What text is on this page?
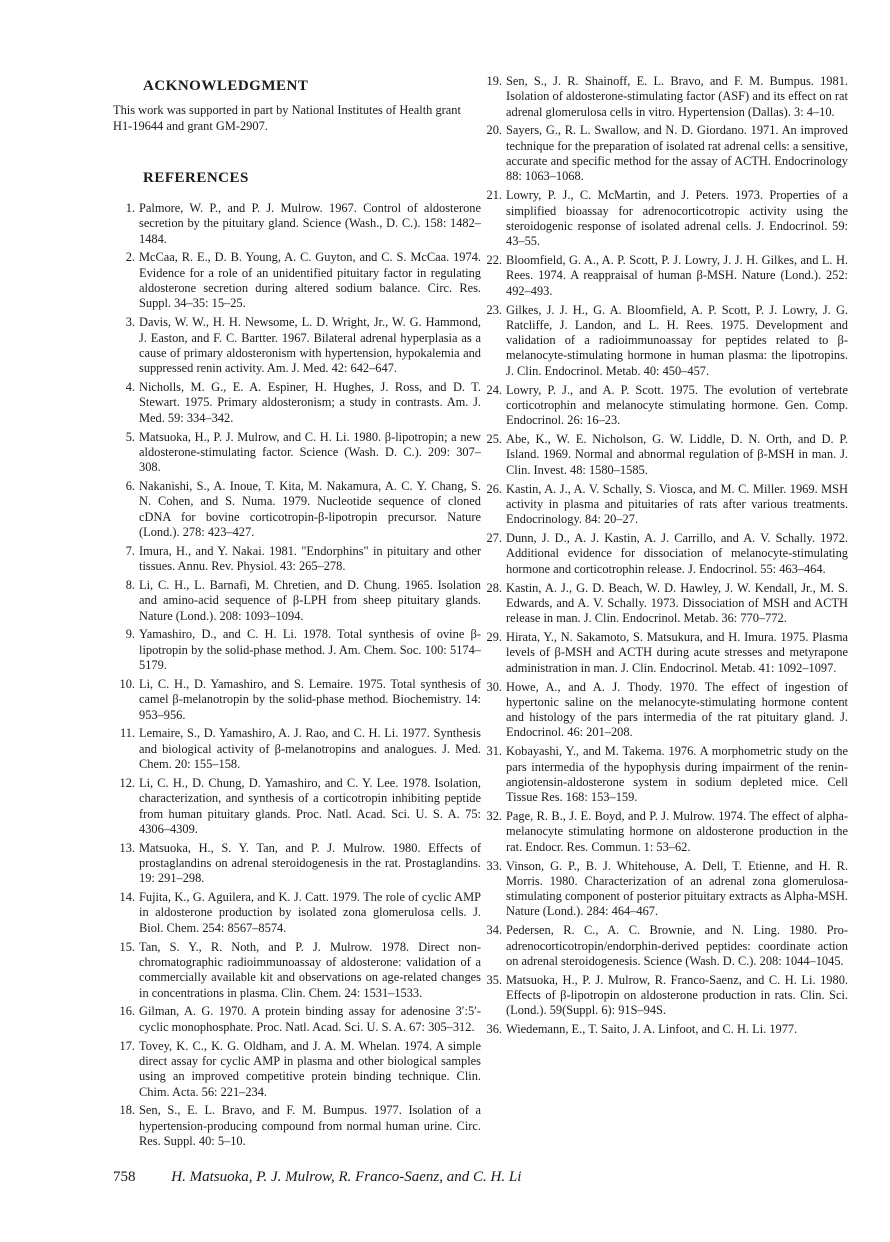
ACKNOWLEDGMENT

This work was supported in part by National Institutes of Health grant H1-19644 and grant GM-2907.

REFERENCES
1. Palmore, W. P., and P. J. Mulrow. 1967. Control of aldosterone secretion by the pituitary gland. Science (Wash., D. C.). 158: 1482–1484.
2. McCaa, R. E., D. B. Young, A. C. Guyton, and C. S. McCaa. 1974. Evidence for a role of an unidentified pituitary factor in regulating aldosterone secretion during altered sodium balance. Circ. Res. Suppl. 34–35: 15–25.
3. Davis, W. W., H. H. Newsome, L. D. Wright, Jr., W. G. Hammond, J. Easton, and F. C. Bartter. 1967. Bilateral adrenal hyperplasia as a cause of primary aldosteronism with hypertension, hypokalemia and suppressed renin activity. Am. J. Med. 42: 642–647.
4. Nicholls, M. G., E. A. Espiner, H. Hughes, J. Ross, and D. T. Stewart. 1975. Primary aldosteronism; a study in contrasts. Am. J. Med. 59: 334–342.
5. Matsuoka, H., P. J. Mulrow, and C. H. Li. 1980. β-lipotropin; a new aldosterone-stimulating factor. Science (Wash. D. C.). 209: 307–308.
6. Nakanishi, S., A. Inoue, T. Kita, M. Nakamura, A. C. Y. Chang, S. N. Cohen, and S. Numa. 1979. Nucleotide sequence of cloned cDNA for bovine corticotropin-β-lipotropin precursor. Nature (Lond.). 278: 423–427.
7. Imura, H., and Y. Nakai. 1981. "Endorphins" in pituitary and other tissues. Annu. Rev. Physiol. 43: 265–278.
8. Li, C. H., L. Barnafi, M. Chretien, and D. Chung. 1965. Isolation and amino-acid sequence of β-LPH from sheep pituitary glands. Nature (Lond.). 208: 1093–1094.
9. Yamashiro, D., and C. H. Li. 1978. Total synthesis of ovine β-lipotropin by the solid-phase method. J. Am. Chem. Soc. 100: 5174–5179.
10. Li, C. H., D. Yamashiro, and S. Lemaire. 1975. Total synthesis of camel β-melanotropin by the solid-phase method. Biochemistry. 14: 953–956.
11. Lemaire, S., D. Yamashiro, A. J. Rao, and C. H. Li. 1977. Synthesis and biological activity of β-melanotropins and analogues. J. Med. Chem. 20: 155–158.
12. Li, C. H., D. Chung, D. Yamashiro, and C. Y. Lee. 1978. Isolation, characterization, and synthesis of a corticotropin inhibiting peptide from human pituitary glands. Proc. Natl. Acad. Sci. U. S. A. 75: 4306–4309.
13. Matsuoka, H., S. Y. Tan, and P. J. Mulrow. 1980. Effects of prostaglandins on adrenal steroidogenesis in the rat. Prostaglandins. 19: 291–298.
14. Fujita, K., G. Aguilera, and K. J. Catt. 1979. The role of cyclic AMP in aldosterone production by isolated zona glomerulosa cells. J. Biol. Chem. 254: 8567–8574.
15. Tan, S. Y., R. Noth, and P. J. Mulrow. 1978. Direct non-chromatographic radioimmunoassay of aldosterone: validation of a commercially available kit and observations on age-related changes in concentrations in plasma. Clin. Chem. 24: 1531–1533.
16. Gilman, A. G. 1970. A protein binding assay for adenosine 3′:5′-cyclic monophosphate. Proc. Natl. Acad. Sci. U. S. A. 67: 305–312.
17. Tovey, K. C., K. G. Oldham, and J. A. M. Whelan. 1974. A simple direct assay for cyclic AMP in plasma and other biological samples using an improved competitive protein binding technique. Clin. Chim. Acta. 56: 221–234.
18. Sen, S., E. L. Bravo, and F. M. Bumpus. 1977. Isolation of a hypertension-producing compound from normal human urine. Circ. Res. Suppl. 40: 5–10.
19. Sen, S., J. R. Shainoff, E. L. Bravo, and F. M. Bumpus. 1981. Isolation of aldosterone-stimulating factor (ASF) and its effect on rat adrenal glomerulosa cells in vitro. Hypertension (Dallas). 3: 4–10.
20. Sayers, G., R. L. Swallow, and N. D. Giordano. 1971. An improved technique for the preparation of isolated rat adrenal cells: a sensitive, accurate and specific method for the assay of ACTH. Endocrinology 88: 1063–1068.
21. Lowry, P. J., C. McMartin, and J. Peters. 1973. Properties of a simplified bioassay for adrenocorticotropic activity using the steroidogenic response of isolated adrenal cells. J. Endocrinol. 59: 43–55.
22. Bloomfield, G. A., A. P. Scott, P. J. Lowry, J. J. H. Gilkes, and L. H. Rees. 1974. A reappraisal of human β-MSH. Nature (Lond.). 252: 492–493.
23. Gilkes, J. J. H., G. A. Bloomfield, A. P. Scott, P. J. Lowry, J. G. Ratcliffe, J. Landon, and L. H. Rees. 1975. Development and validation of a radioimmunoassay for peptides related to β-melanocyte-stimulating hormone in human plasma: the lipotropins. J. Clin. Endocrinol. Metab. 40: 450–457.
24. Lowry, P. J., and A. P. Scott. 1975. The evolution of vertebrate corticotrophin and melanocyte stimulating hormone. Gen. Comp. Endocrinol. 26: 16–23.
25. Abe, K., W. E. Nicholson, G. W. Liddle, D. N. Orth, and D. P. Island. 1969. Normal and abnormal regulation of β-MSH in man. J. Clin. Invest. 48: 1580–1585.
26. Kastin, A. J., A. V. Schally, S. Viosca, and M. C. Miller. 1969. MSH activity in plasma and pituitaries of rats after various treatments. Endocrinology. 84: 20–27.
27. Dunn, J. D., A. J. Kastin, A. J. Carrillo, and A. V. Schally. 1972. Additional evidence for dissociation of melanocyte-stimulating hormone and corticotrophin release. J. Endocrinol. 55: 463–464.
28. Kastin, A. J., G. D. Beach, W. D. Hawley, J. W. Kendall, Jr., M. S. Edwards, and A. V. Schally. 1973. Dissociation of MSH and ACTH release in man. J. Clin. Endocrinol. Metab. 36: 770–772.
29. Hirata, Y., N. Sakamoto, S. Matsukura, and H. Imura. 1975. Plasma levels of β-MSH and ACTH during acute stresses and metyrapone administration in man. J. Clin. Endocrinol. Metab. 41: 1092–1097.
30. Howe, A., and A. J. Thody. 1970. The effect of ingestion of hypertonic saline on the melanocyte-stimulating hormone content and histology of the pars intermedia of the rat pituitary gland. J. Endocrinol. 46: 201–208.
31. Kobayashi, Y., and M. Takema. 1976. A morphometric study on the pars intermedia of the hypophysis during impairment of the renin-angiotensin-aldosterone system in sodium depleted mice. Cell Tissue Res. 168: 153–159.
32. Page, R. B., J. E. Boyd, and P. J. Mulrow. 1974. The effect of alpha-melanocyte stimulating hormone on aldosterone production in the rat. Endocr. Res. Commun. 1: 53–62.
33. Vinson, G. P., B. J. Whitehouse, A. Dell, T. Etienne, and H. R. Morris. 1980. Characterization of an adrenal zona glomerulosa-stimulating component of posterior pituitary extracts as Alpha-MSH. Nature (Lond.). 284: 464–467.
34. Pedersen, R. C., A. C. Brownie, and N. Ling. 1980. Pro-adrenocorticotropin/endorphin-derived peptides: coordinate action on adrenal steroidogenesis. Science (Wash. D. C.). 208: 1044–1045.
35. Matsuoka, H., P. J. Mulrow, R. Franco-Saenz, and C. H. Li. 1980. Effects of β-lipotropin on aldosterone production in rats. Clin. Sci. (Lond.). 59(Suppl. 6): 91S–94S.
36. Wiedemann, E., T. Saito, J. A. Linfoot, and C. H. Li. 1977.
758 H. Matsuoka, P. J. Mulrow, R. Franco-Saenz, and C. H. Li
